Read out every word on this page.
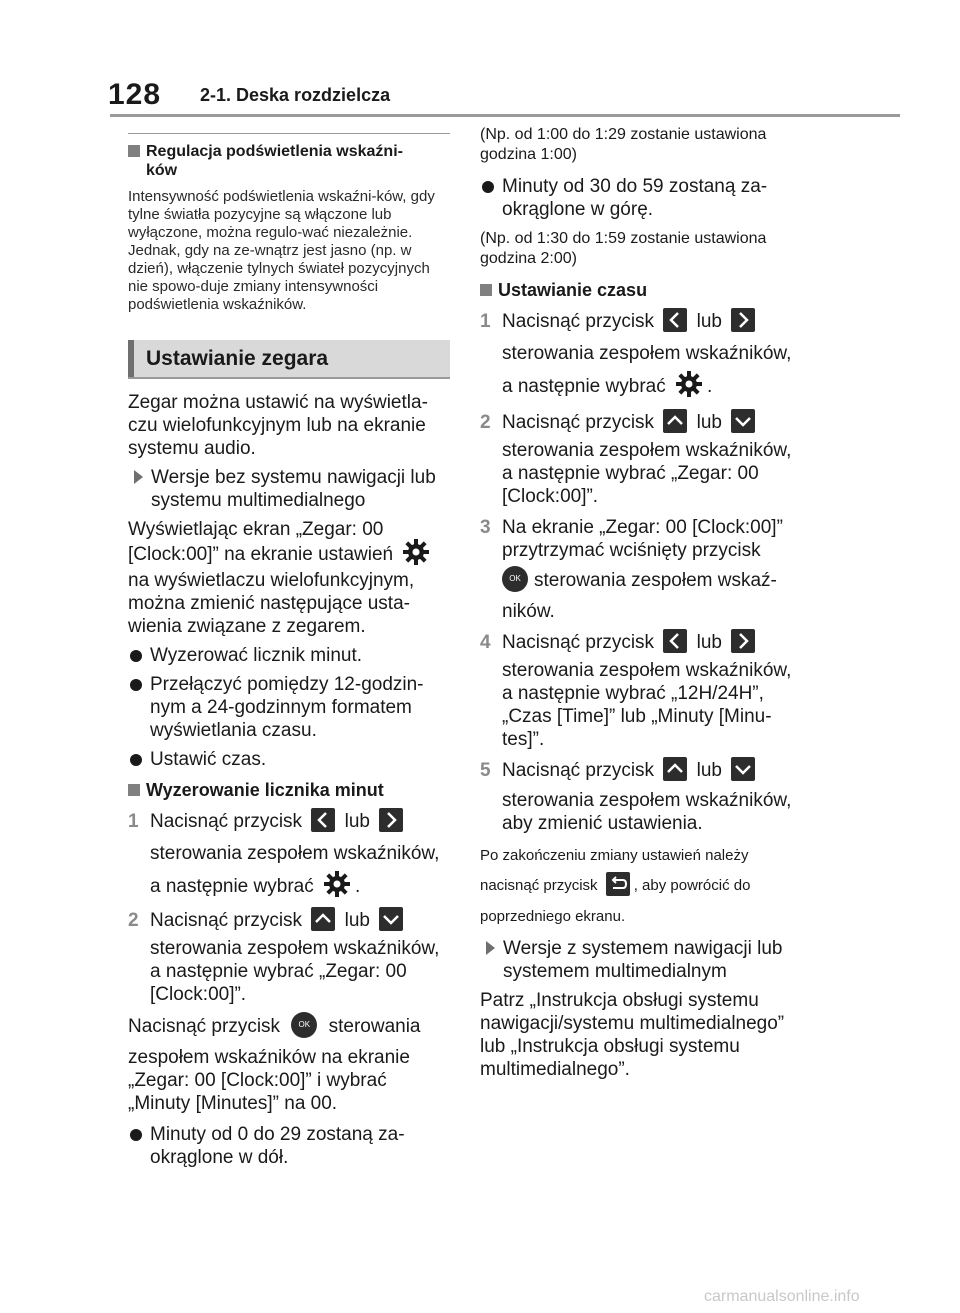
128 2-1. Deska rozdzielcza
Regulacja podświetlenia wskaźni-
ków

Intensywność podświetlenia wskaźni-ków, gdy tylne światła pozycyjne są włączone lub wyłączone, można regulo-wać niezależnie. Jednak, gdy na ze-wnątrz jest jasno (np. w dzień), włączenie tylnych świateł pozycyjnych nie spowo-duje zmiany intensywności podświetlenia wskaźników.

Ustawianie zegara

Zegar można ustawić na wyświetla-czu wielofunkcyjnym lub na ekranie systemu audio.

Wersje bez systemu nawigacji lub systemu multimedialnego

Wyświetlając ekran „Zegar: 00 [Clock:00]” na ekranie ustawień
na wyświetlaczu wielofunkcyjnym, można zmienić następujące usta-wienia związane z zegarem.

Wyzerować licznik minut.
Przełączyć pomiędzy 12-godzin-nym a 24-godzinnym formatem wyświetlania czasu.
Ustawić czas.
Wyzerowanie licznika minut
1 Nacisnąć przycisk lub
sterowania zespołem wskaźników,
a następnie wybrać .
2 Nacisnąć przycisk lub
sterowania zespołem wskaźników, a następnie wybrać „Zegar: 00 [Clock:00]”.
Nacisnąć przycisk OK sterowania
zespołem wskaźników na ekranie „Zegar: 00 [Clock:00]” i wybrać „Minuty [Minutes]” na 00.
Minuty od 0 do 29 zostaną za-okrąglone w dół.

(Np. od 1:00 do 1:29 zostanie ustawiona godzina 1:00)

Minuty od 30 do 59 zostaną za-okrąglone w górę.

(Np. od 1:30 do 1:59 zostanie ustawiona godzina 2:00)

Ustawianie czasu
1 Nacisnąć przycisk lub
sterowania zespołem wskaźników,
a następnie wybrać .
2 Nacisnąć przycisk lub
sterowania zespołem wskaźników, a następnie wybrać „Zegar: 00 [Clock:00]”.
3 Na ekranie „Zegar: 00 [Clock:00]” przytrzymać wciśnięty przycisk
OK sterowania zespołem wskaź-
ników.
4 Nacisnąć przycisk lub
sterowania zespołem wskaźników, a następnie wybrać „12H/24H”, „Czas [Time]” lub „Minuty [Minu-tes]”.
5 Nacisnąć przycisk lub
sterowania zespołem wskaźników, aby zmienić ustawienia.

Po zakończeniu zmiany ustawień należy

nacisnąć przycisk , aby powrócić do

poprzedniego ekranu.

Wersje z systemem nawigacji lub systemem multimedialnym

Patrz „Instrukcja obsługi systemu nawigacji/systemu multimedialnego” lub „Instrukcja obsługi systemu multimedialnego”.

carmanualsonline.info
